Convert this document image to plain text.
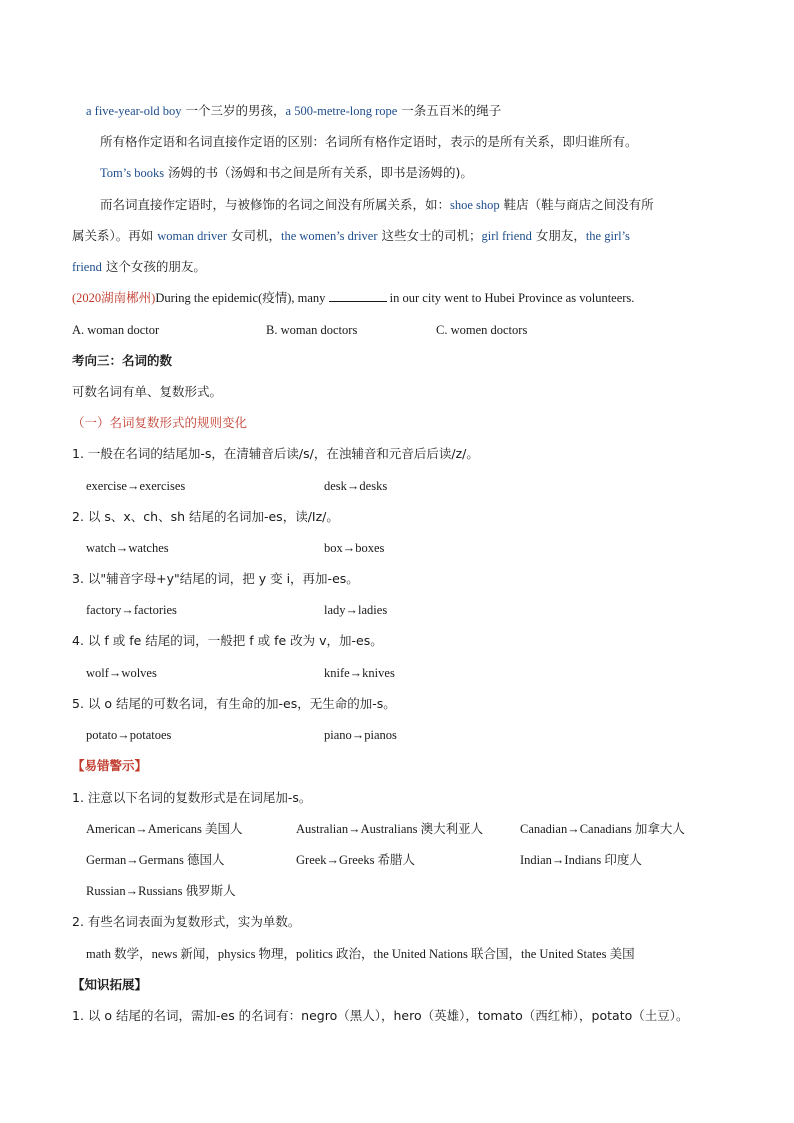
a five-year-old boy 一个三岁的男孩，a 500-metre-long rope 一条五百米的绳子
所有格作定语和名词直接作定语的区别：名词所有格作定语时，表示的是所有关系，即归谁所有。
Tom’s books 汤姆的书（汤姆和书之间是所有关系，即书是汤姆的)。
而名词直接作定语时，与被修饰的名词之间没有所属关系，如：shoe shop 鞋店（鞋与商店之间没有所
属关系）。再如 woman driver 女司机，the women’s driver 这些女士的司机；girl friend 女朋友，the girl’s
friend 这个女孩的朋友。
(2020湖南郴州)During the epidemic(疫情), many	in our city went to Hubei Province as volunteers.
A. woman doctor	B. woman doctors	C. women doctors
考向三：名词的数
可数名词有单、复数形式。
（一）名词复数形式的规则变化
1. 一般在名词的结尾加-s，在清辅音后读/s/，在浊辅音和元音后后读/z/。
exercise→exercises	desk→desks
2. 以 s、x、ch、sh 结尾的名词加-es，读/Iz/。
watch→watches	box→boxes
3. 以"辅音字母+y"结尾的词，把 y 变 i，再加-es。
factory→factories	lady→ladies
4. 以 f 或 fe 结尾的词，一般把 f 或 fe 改为 v，加-es。
wolf→wolves	knife→knives
5. 以 o 结尾的可数名词，有生命的加-es，无生命的加-s。
potato→potatoes	piano→pianos
【易错警示】
1. 注意以下名词的复数形式是在词尾加-s。
American→Americans 美国人	Australian→Australians 澳大利亚人	Canadian→Canadians 加拿大人
German→Germans 德国人	Greek→Greeks 希腊人	Indian→Indians 印度人
Russian→Russians 俄罗斯人
2. 有些名词表面为复数形式，实为单数。
math 数学，news 新闻，physics 物理，politics 政治，the United Nations 联合国，the United States 美国
【知识拓展】
1. 以 o 结尾的名词，需加-es 的名词有：negro（黑人），hero（英雄），tomato（西红柿），potato（土豆）。
